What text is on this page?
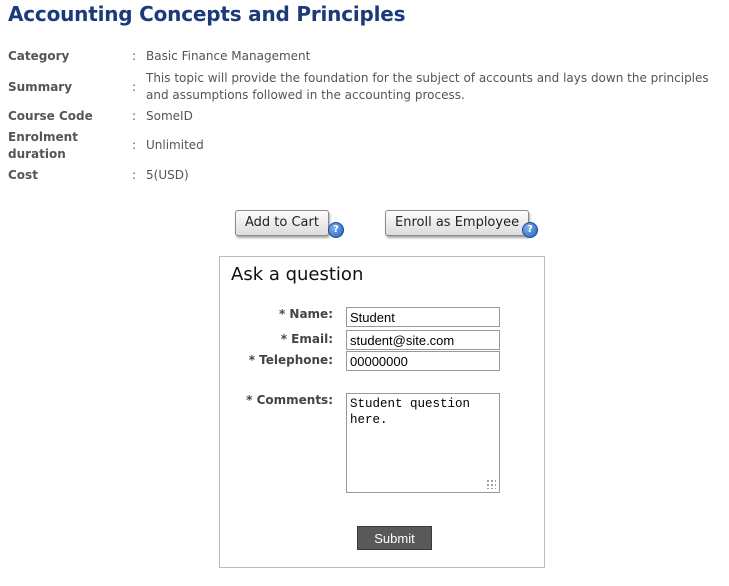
Accounting Concepts and Principles
Category	: Basic Finance Management
Summary	:
This topic will provide the foundation for the subject of accounts and lays down the principles and assumptions followed in the accounting process.
Course Code	: SomeID
Enrolment duration
: Unlimited
Cost	: 5(USD)
Add to Cart	?	Enroll as Employee ?
Ask a question
* Name:
Student
* Email:
student@site.com
* Telephone:
00000000
* Comments:
Student question here.
Submit
